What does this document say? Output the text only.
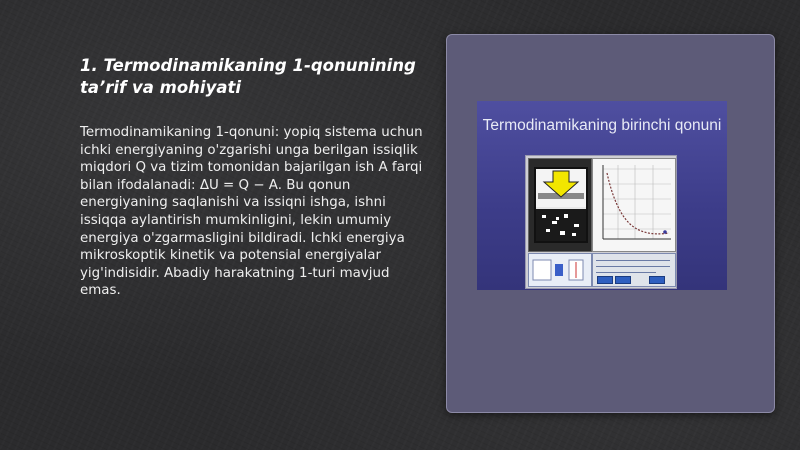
1. Termodinamikaning 1-qonunining ta’rif va mohiyati

Termodinamikaning 1-qonuni: yopiq sistema uchun ichki energiyaning o'zgarishi unga berilgan issiqlik miqdori Q va tizim tomonidan bajarilgan ish A farqi bilan ifodalanadi: ΔU = Q − A. Bu qonun energiyaning saqlanishi va issiqni ishga, ishni issiqqa aylantirish mumkinligini, lekin umumiy energiya o'zgarmasligini bildiradi. Ichki energiya mikroskoptik kinetik va potensial energiyalar yig'indisidir. Abadiy harakatning 1-turi mavjud emas.

Termodinamikaning birinchi qonuni
